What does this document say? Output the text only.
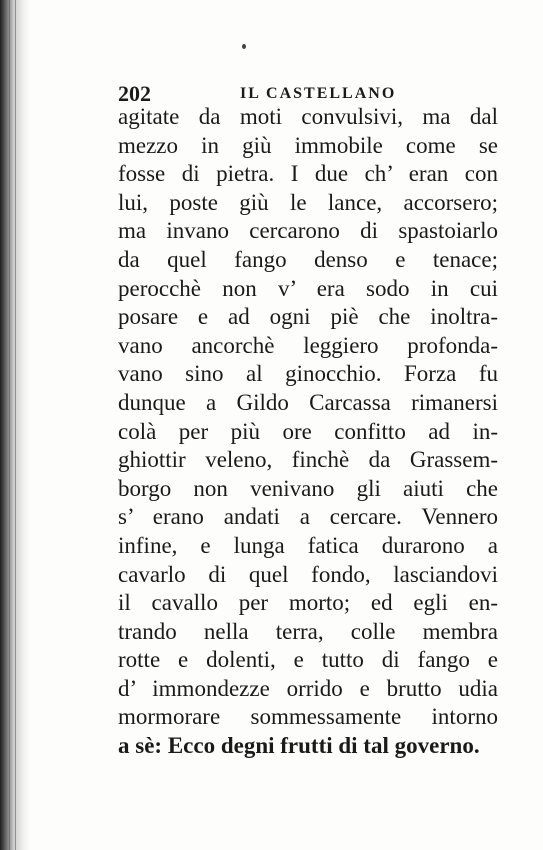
202	IL CASTELLANO
agitate da moti convulsivi, ma dal
mezzo in giù immobile come se
fosse di pietra. I due ch’ eran con
lui, poste giù le lance, accorsero;
ma invano cercarono di spastoiarlo
da quel fango denso e tenace;
perocchè non v’ era sodo in cui
posare e ad ogni piè che inoltra-
vano ancorchè leggiero profonda-
vano sino al ginocchio. Forza fu
dunque a Gildo Carcassa rimanersi
colà per più ore confitto ad in-
ghiottir veleno, finchè da Grassem-
borgo non venivano gli aiuti che
s’ erano andati a cercare. Vennero
infine, e lunga fatica durarono a
cavarlo di quel fondo, lasciandovi
il cavallo per morto; ed egli en-
trando nella terra, colle membra
rotte e dolenti, e tutto di fango e
d’ immondezze orrido e brutto udia
mormorare sommessamente intorno
a sè: Ecco degni frutti di tal governo.
